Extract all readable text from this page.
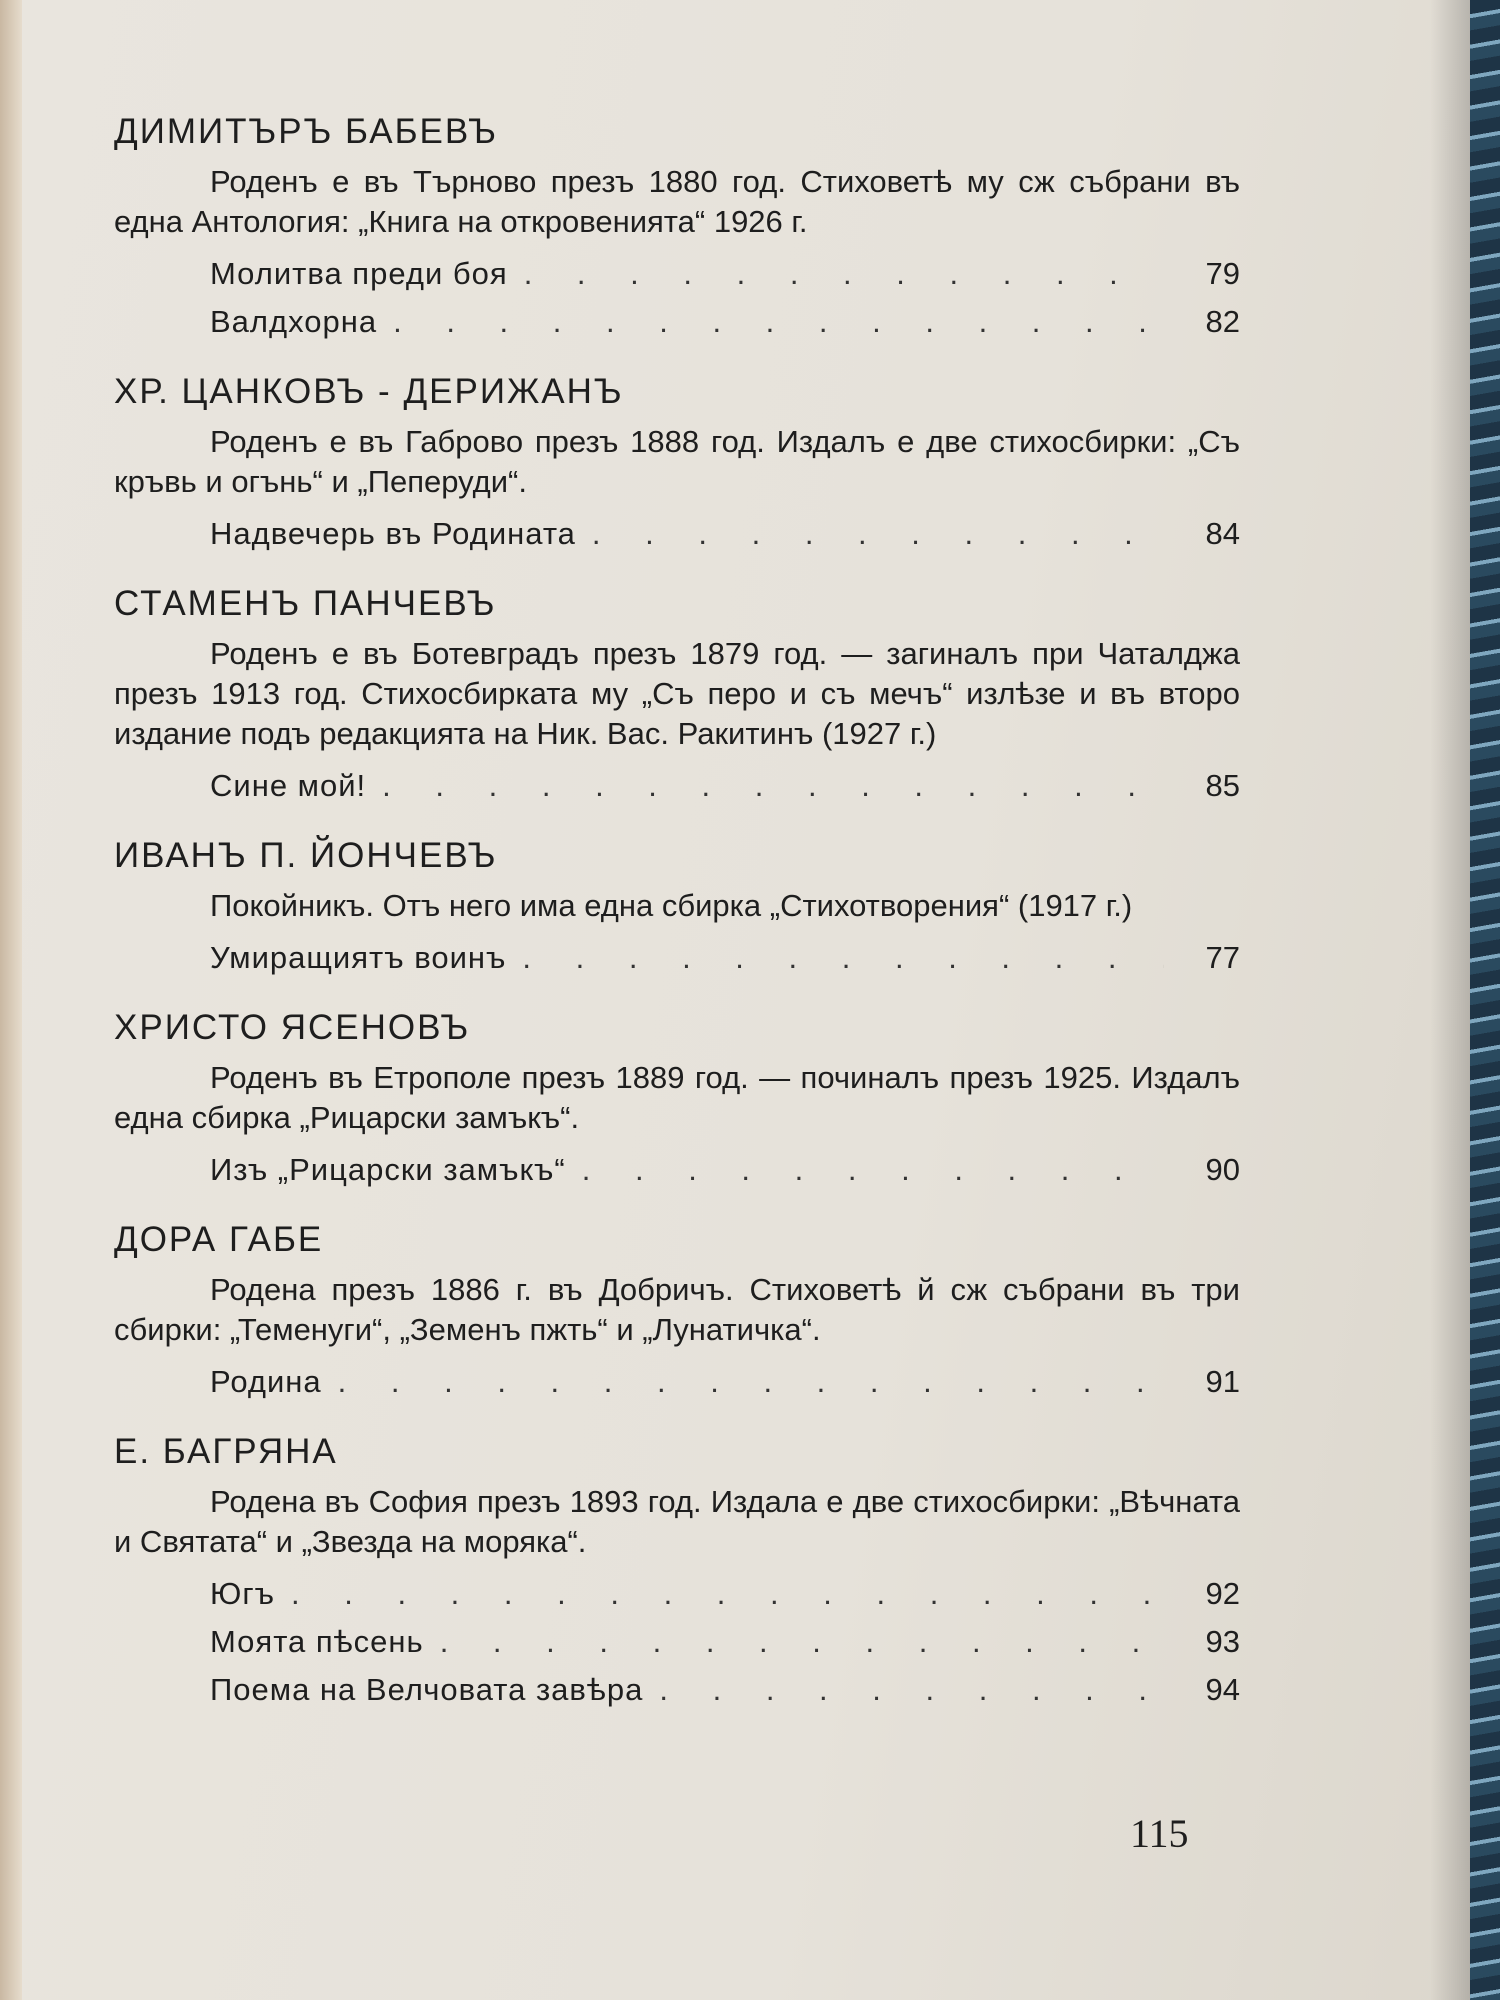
ДИМИТЪРЪ БАБЕВЪ
Роденъ е въ Търново презъ 1880 год. Стиховетѣ му сж събрани въ една Антология: „Книга на откровенията“ 1926 г.
Молитва преди боя . .	79
Валдхорна . .	82
ХР. ЦАНКОВЪ - ДЕРИЖАНЪ
Роденъ е въ Габрово презъ 1888 год. Издалъ е две стихосбирки: „Съ кръвь и огънь“ и „Пеперуди“.
Надвечерь въ Родината . .	84
СТАМЕНЪ ПАНЧЕВЪ
Роденъ е въ Ботевградъ презъ 1879 год. — загиналъ при Чаталджа презъ 1913 год. Стихосбирката му „Съ перо и съ мечъ“ излѣзе и въ второ издание подъ редакцията на Ник. Вас. Ракитинъ (1927 г.)
Сине мой! . .	85
ИВАНЪ П. ЙОНЧЕВЪ
Покойникъ. Отъ него има една сбирка „Стихотворения“ (1917 г.)
Умиращиятъ воинъ . .	77
ХРИСТО ЯСЕНОВЪ
Роденъ въ Етрополе презъ 1889 год. — починалъ презъ 1925. Издалъ една сбирка „Рицарски замъкъ“.
Изъ „Рицарски замъкъ“ . .	90
ДОРА ГАБЕ
Родена презъ 1886 г. въ Добричъ. Стиховетѣ й сж събрани въ три сбирки: „Теменуги“, „Земенъ пжть“ и „Лунатичка“.
Родина . .	91
Е. БАГРЯНА
Родена въ София презъ 1893 год. Издала е две стихосбирки: „Вѣчната и Святата“ и „Звезда на моряка“.
Югъ . .	92
Моята пѣсень . .	93
Поема на Велчовата завѣра . .	94
115
